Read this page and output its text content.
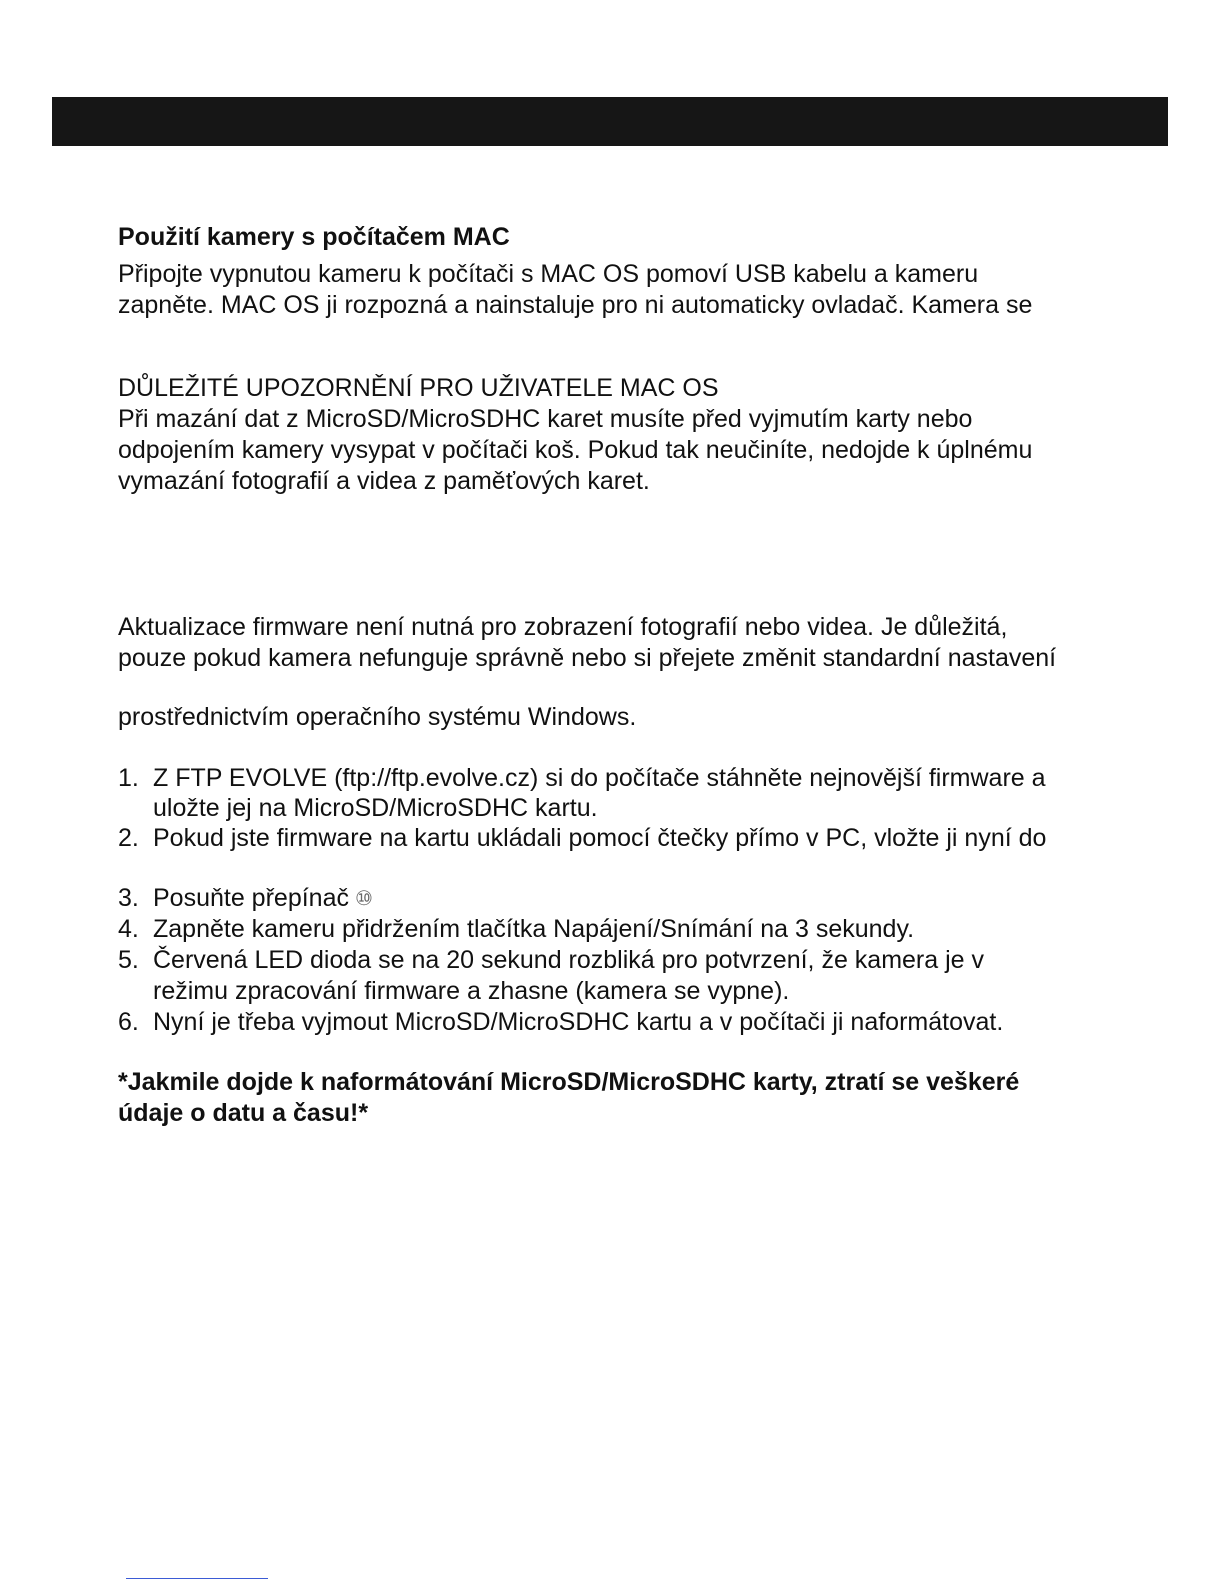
Použití kamery s počítačem MAC
Připojte vypnutou kameru k počítači s MAC OS pomoví USB kabelu a kameru
zapněte. MAC OS ji rozpozná a nainstaluje pro ni automaticky ovladač. Kamera se
DŮLEŽITÉ UPOZORNĚNÍ PRO UŽIVATELE MAC OS
Při mazání dat z MicroSD/MicroSDHC karet musíte před vyjmutím karty nebo
odpojením kamery vysypat v počítači koš. Pokud tak neučiníte, nedojde k úplnému
vymazání fotografií a videa z paměťových karet.
Aktualizace firmware není nutná pro zobrazení fotografií nebo videa. Je důležitá,
pouze pokud kamera nefunguje správně nebo si přejete změnit standardní nastavení
prostřednictvím operačního systému Windows.
1. Z FTP EVOLVE (ftp://ftp.evolve.cz) si do počítače stáhněte nejnovější firmware a
uložte jej na MicroSD/MicroSDHC kartu.
2. Pokud jste firmware na kartu ukládali pomocí čtečky přímo v PC, vložte ji nyní do
3. Posuňte přepínač ⑩
4. Zapněte kameru přidržením tlačítka Napájení/Snímání na 3 sekundy.
5. Červená LED dioda se na 20 sekund rozbliká pro potvrzení, že kamera je v
režimu zpracování firmware a zhasne (kamera se vypne).
6. Nyní je třeba vyjmout MicroSD/MicroSDHC kartu a v počítači ji naformátovat.
*Jakmile dojde k naformátování MicroSD/MicroSDHC karty, ztratí se veškeré
údaje o datu a času!*
